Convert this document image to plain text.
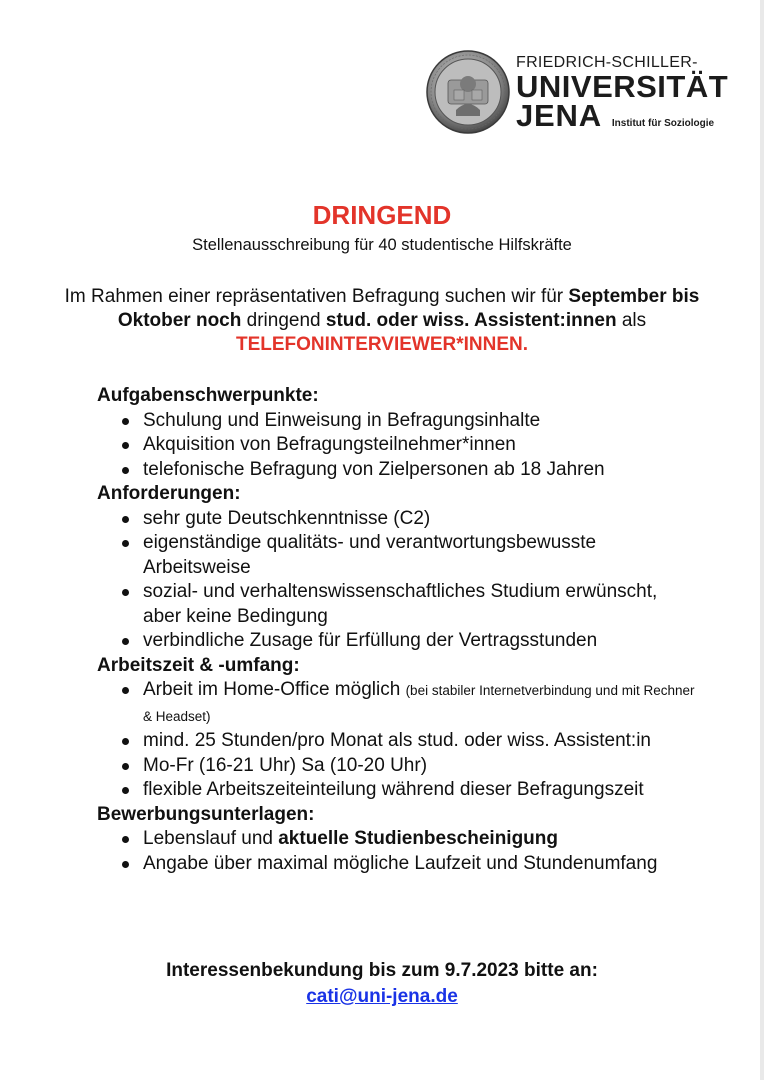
FRIEDRICH-SCHILLER-
UNIVERSITÄT
JENA Institut für Soziologie
DRINGEND
Stellenausschreibung für 40 studentische Hilfskräfte
Im Rahmen einer repräsentativen Befragung suchen wir für September bis Oktober noch dringend stud. oder wiss. Assistent:innen als TELEFONINTERVIEWER*INNEN.

Aufgabenschwerpunkte:

Schulung und Einweisung in Befragungsinhalte
Akquisition von Befragungsteilnehmer*innen
telefonische Befragung von Zielpersonen ab 18 Jahren

Anforderungen:

sehr gute Deutschkenntnisse (C2)
eigenständige qualitäts- und verantwortungsbewusste Arbeitsweise
sozial- und verhaltenswissenschaftliches Studium erwünscht, aber keine Bedingung
verbindliche Zusage für Erfüllung der Vertragsstunden

Arbeitszeit & -umfang:

Arbeit im Home-Office möglich (bei stabiler Internetverbindung und mit Rechner & Headset)
mind. 25 Stunden/pro Monat als stud. oder wiss. Assistent:in
Mo-Fr (16-21 Uhr) Sa (10-20 Uhr)
flexible Arbeitszeiteinteilung während dieser Befragungszeit

Bewerbungsunterlagen:

Lebenslauf und aktuelle Studienbescheinigung
Angabe über maximal mögliche Laufzeit und Stundenumfang
Interessenbekundung bis zum 9.7.2023 bitte an:
cati@uni-jena.de
